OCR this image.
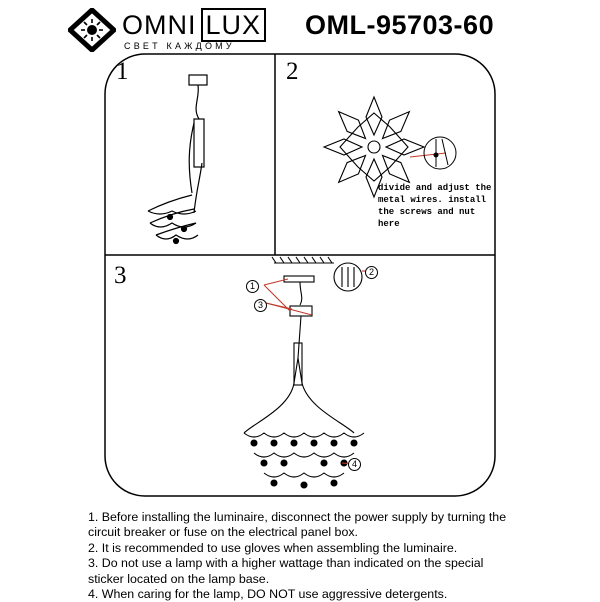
OMNI LUX
СВЕТ КАЖДОМУ
OML-95703-60
1	2
3
divide and adjust the metal wires. install the screws and nut here
1
2
3
4

1. Before installing the luminaire, disconnect the power supply by turning the circuit breaker or fuse on the electrical panel box.

2. It is recommended to use gloves when assembling the luminaire.

3. Do not use a lamp with a higher wattage than indicated on the special sticker located on the lamp base.

4. When caring for the lamp, DO NOT use aggressive detergents.
